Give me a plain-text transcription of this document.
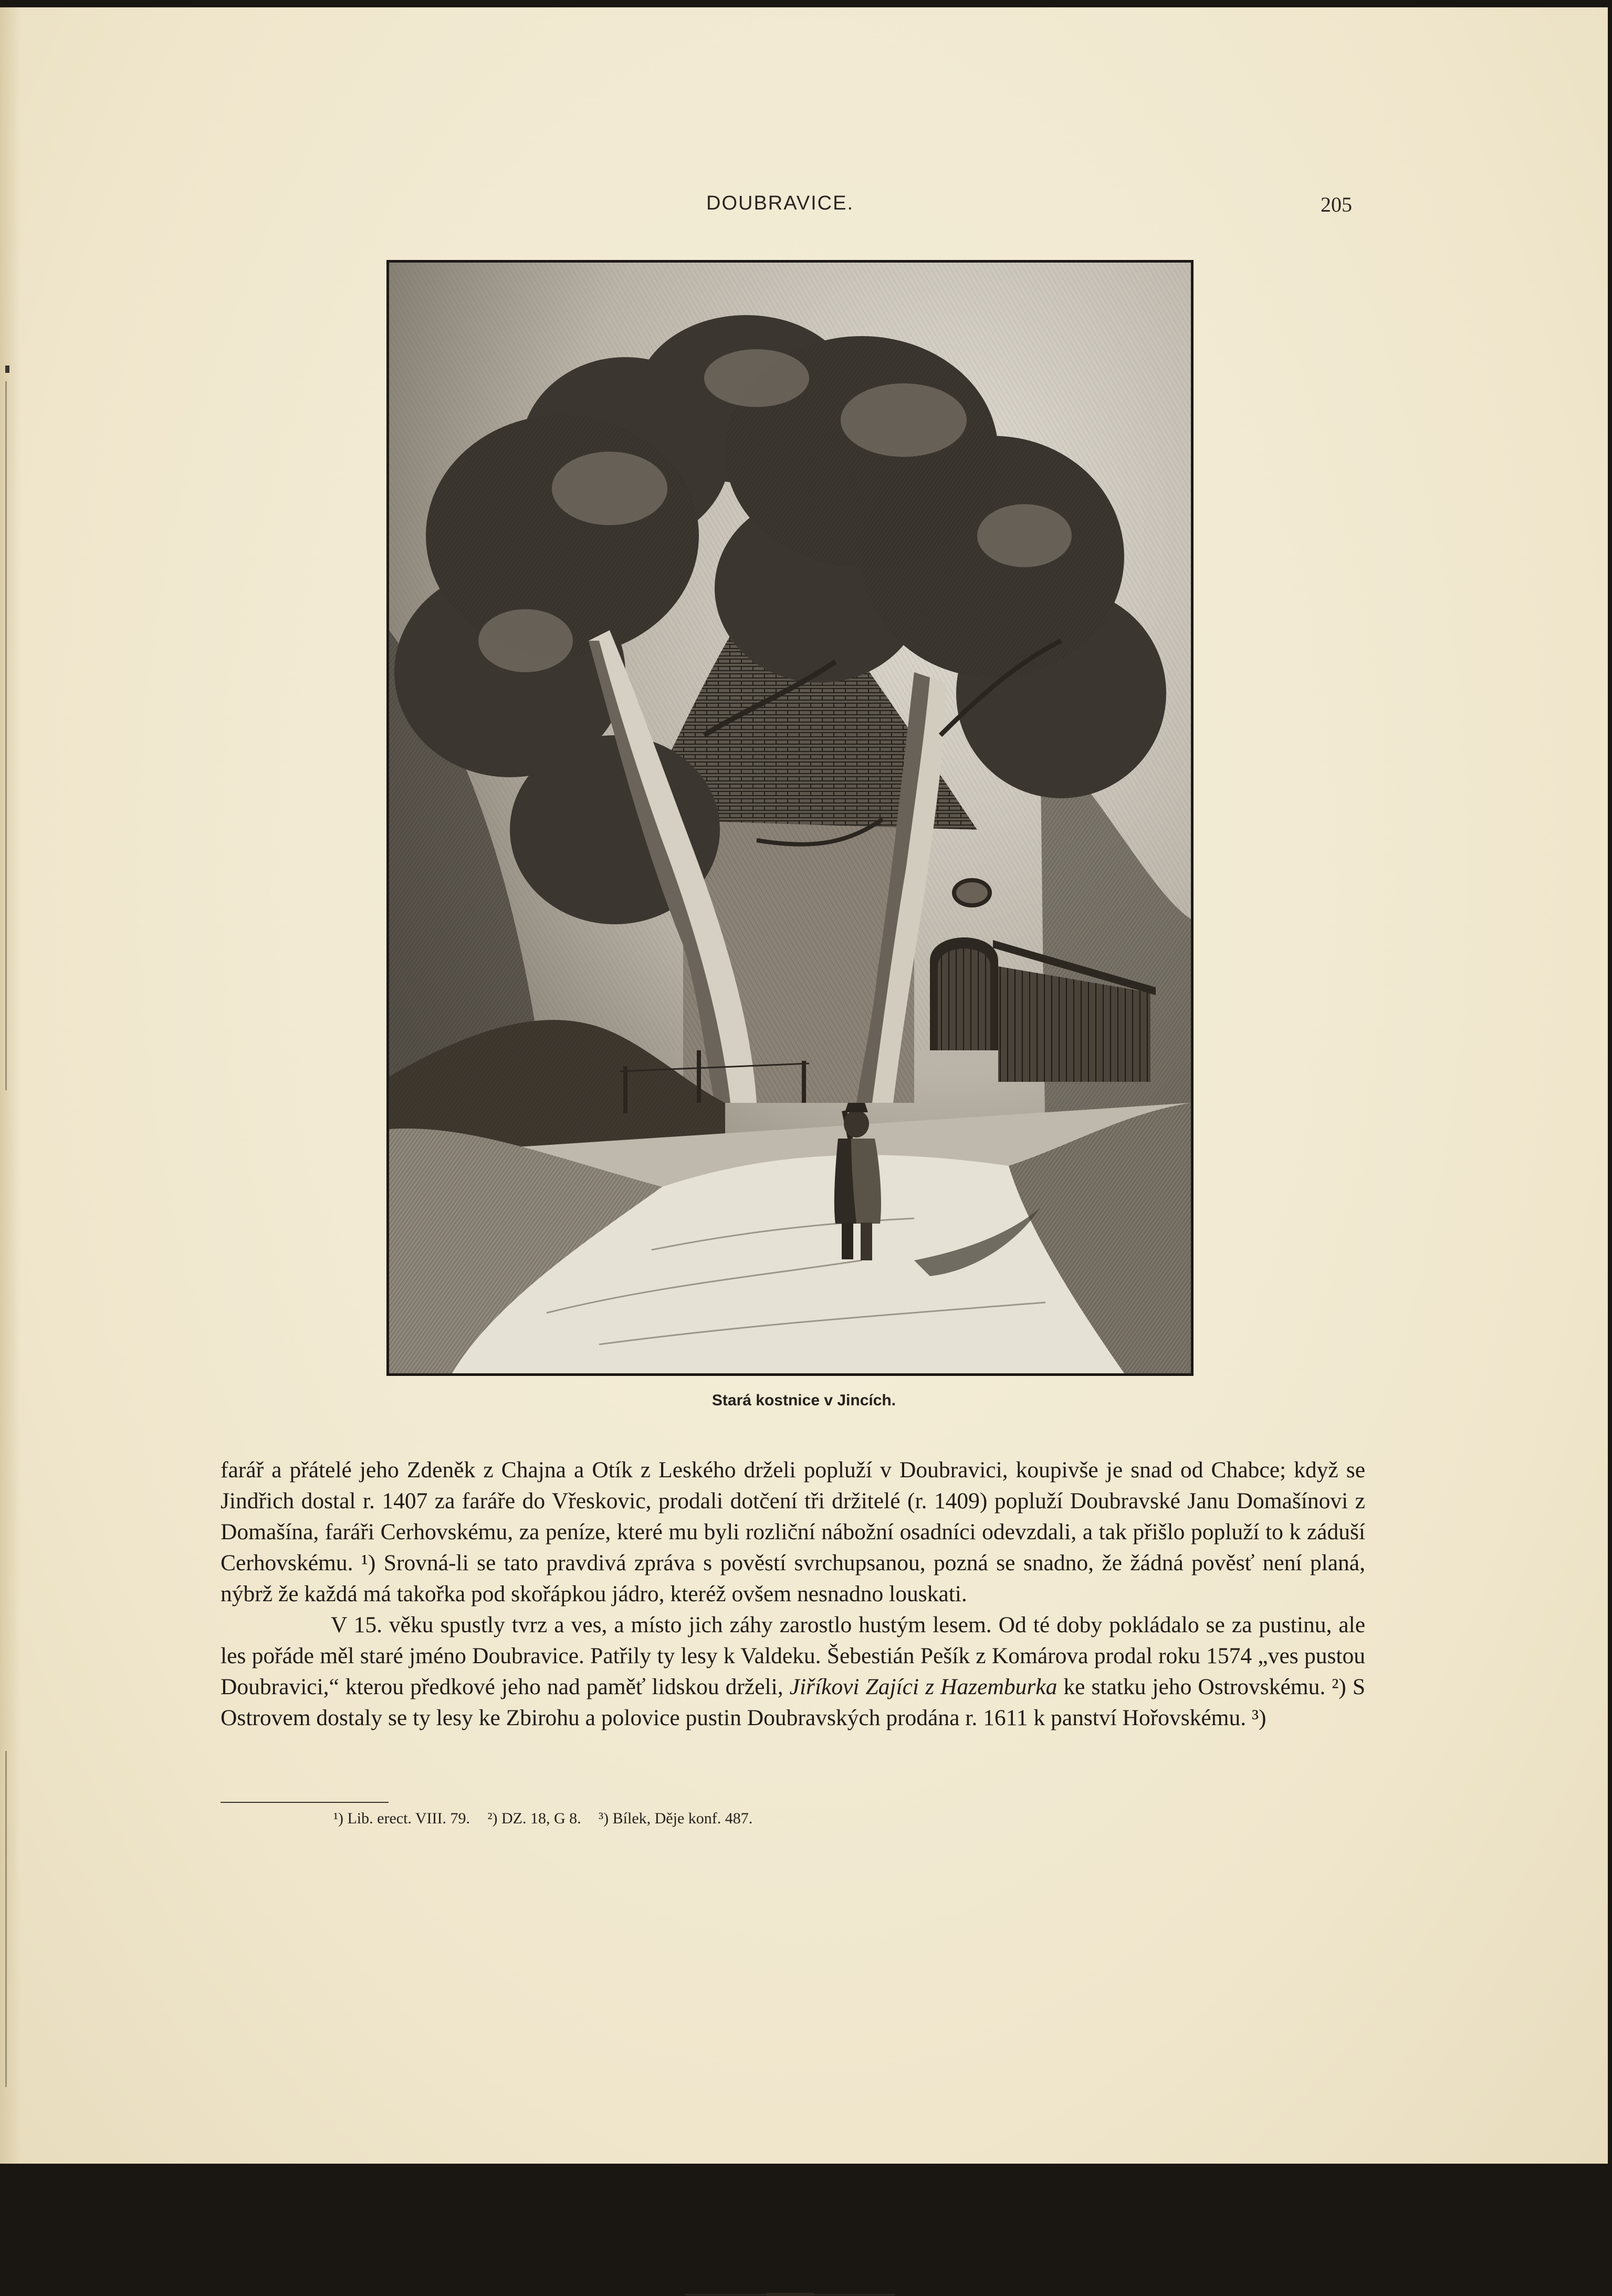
DOUBRAVICE.	205
Stará kostnice v Jincích.

farář a přátelé jeho Zdeněk z Chajna a Otík z Leského drželi popluží v Doubravici, koupivše je snad od Chabce; když se Jindřich dostal r. 1407 za faráře do Vřeskovic, prodali dotčení tři držitelé (r. 1409) popluží Doubravské Janu Domašínovi z Domašína, faráři Cerhovskému, za peníze, které mu byli rozliční nábožní osadníci odevzdali, a tak přišlo popluží to k záduší Cerhovskému. ¹) Srovná-li se tato pravdivá zpráva s pověstí svrchupsanou, pozná se snadno, že žádná pověsť není planá, nýbrž že každá má takořka pod skořápkou jádro, kteréž ovšem nesnadno louskati.

V 15. věku spustly tvrz a ves, a místo jich záhy zarostlo hustým lesem. Od té doby pokládalo se za pustinu, ale les pořáde měl staré jméno Doubravice. Patřily ty lesy k Valdeku. Šebestián Pešík z Komárova prodal roku 1574 „ves pustou Doubravici,“ kterou předkové jeho nad paměť lidskou drželi, Jiříkovi Zajíci z Hazemburka ke statku jeho Ostrovskému. ²) S Ostrovem dostaly se ty lesy ke Zbirohu a polovice pustin Doubravských prodána r. 1611 k panství Hořovskému. ³)

¹) Lib. erect. VIII. 79. ²) DZ. 18, G 8. ³) Bílek, Děje konf. 487.
